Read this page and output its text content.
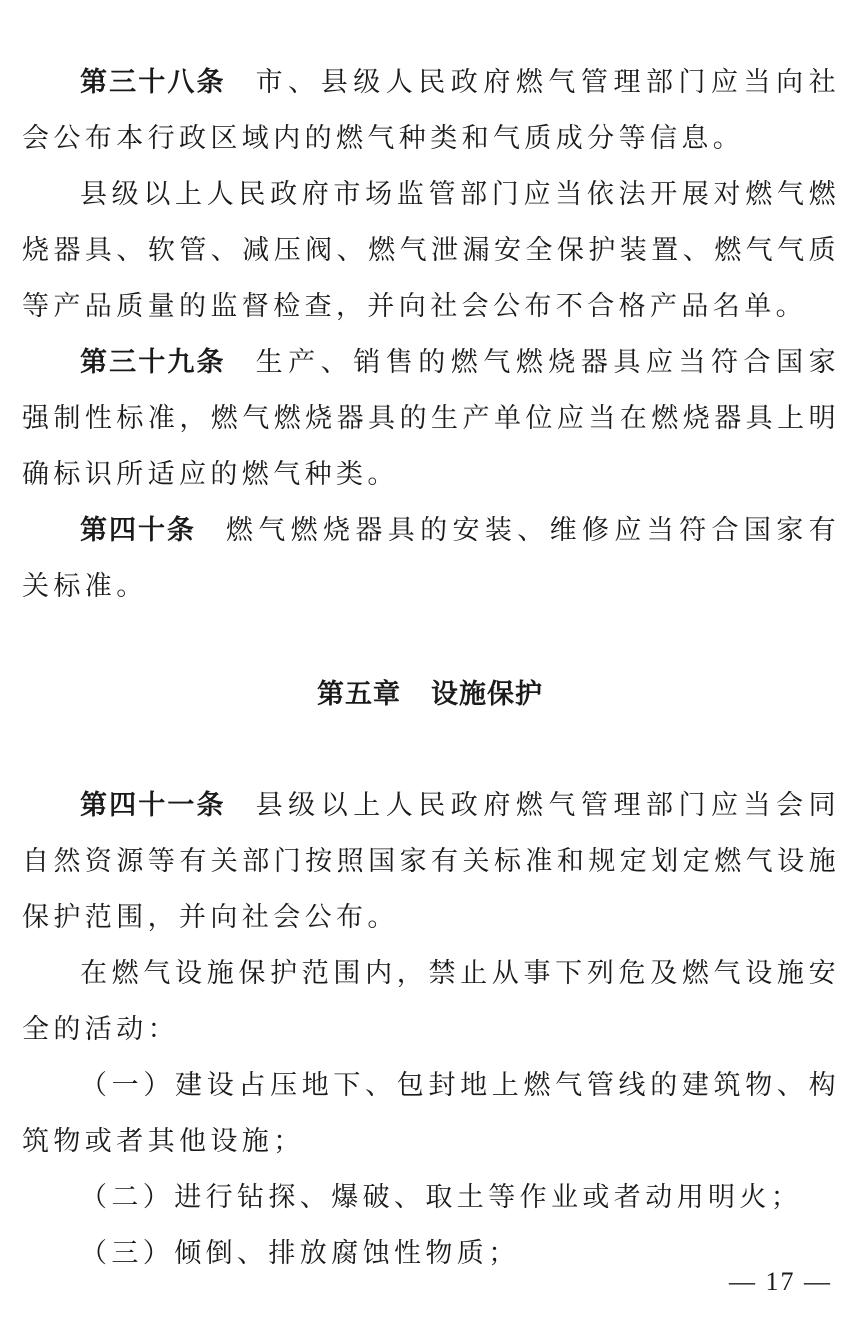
第三十八条 市、县级人民政府燃气管理部门应当向社会公布本行政区域内的燃气种类和气质成分等信息。

县级以上人民政府市场监管部门应当依法开展对燃气燃烧器具、软管、减压阀、燃气泄漏安全保护装置、燃气气质等产品质量的监督检查，并向社会公布不合格产品名单。

第三十九条 生产、销售的燃气燃烧器具应当符合国家强制性标准，燃气燃烧器具的生产单位应当在燃烧器具上明确标识所适应的燃气种类。

第四十条 燃气燃烧器具的安装、维修应当符合国家有关标准。

第五章 设施保护

第四十一条 县级以上人民政府燃气管理部门应当会同自然资源等有关部门按照国家有关标准和规定划定燃气设施保护范围，并向社会公布。

在燃气设施保护范围内，禁止从事下列危及燃气设施安全的活动：

（一）建设占压地下、包封地上燃气管线的建筑物、构筑物或者其他设施；

（二）进行钻探、爆破、取土等作业或者动用明火；

（三）倾倒、排放腐蚀性物质；

— 17 —
